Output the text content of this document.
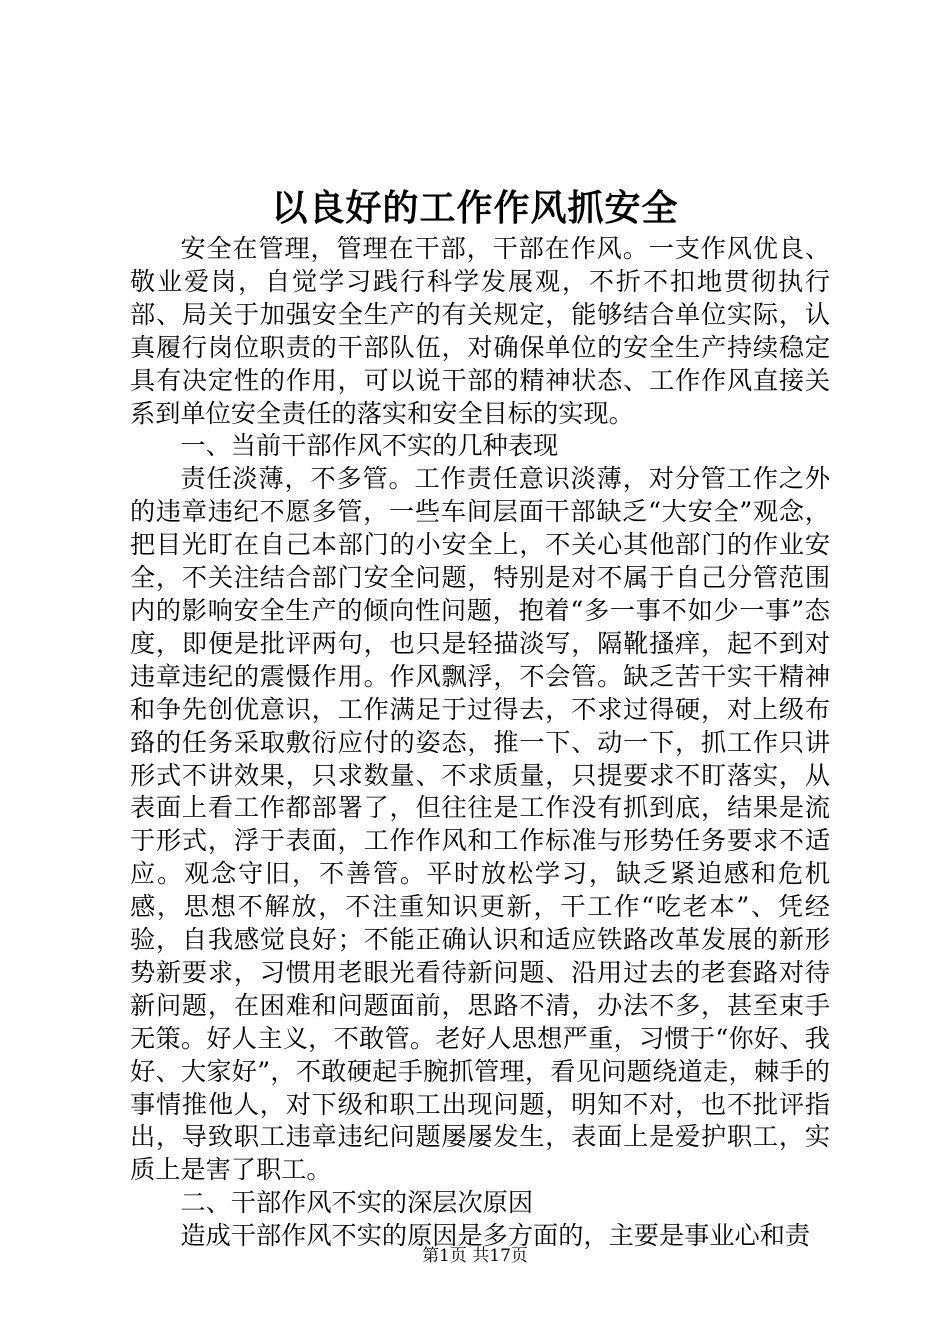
以良好的工作作风抓安全

安全在管理，管理在干部，干部在作风。一支作风优良、敬业爱岗，自觉学习践行科学发展观，不折不扣地贯彻执行部、局关于加强安全生产的有关规定，能够结合单位实际，认真履行岗位职责的干部队伍，对确保单位的安全生产持续稳定具有决定性的作用，可以说干部的精神状态、工作作风直接关系到单位安全责任的落实和安全目标的实现。

一、当前干部作风不实的几种表现

责任淡薄，不多管。工作责任意识淡薄，对分管工作之外的违章违纪不愿多管，一些车间层面干部缺乏“大安全”观念，把目光盯在自己本部门的小安全上，不关心其他部门的作业安全，不关注结合部门安全问题，特别是对不属于自己分管范围内的影响安全生产的倾向性问题，抱着“多一事不如少一事”态度，即便是批评两句，也只是轻描淡写，隔靴搔痒，起不到对违章违纪的震慑作用。作风飘浮，不会管。缺乏苦干实干精神和争先创优意识，工作满足于过得去，不求过得硬，对上级布臵的任务采取敷衍应付的姿态，推一下、动一下，抓工作只讲形式不讲效果，只求数量、不求质量，只提要求不盯落实，从表面上看工作都部署了，但往往是工作没有抓到底，结果是流于形式，浮于表面，工作作风和工作标准与形势任务要求不适应。观念守旧，不善管。平时放松学习，缺乏紧迫感和危机感，思想不解放，不注重知识更新，干工作“吃老本”、凭经验，自我感觉良好；不能正确认识和适应铁路改革发展的新形势新要求，习惯用老眼光看待新问题、沿用过去的老套路对待新问题，在困难和问题面前，思路不清，办法不多，甚至束手无策。好人主义，不敢管。老好人思想严重，习惯于“你好、我好、大家好”，不敢硬起手腕抓管理，看见问题绕道走，棘手的事情推他人，对下级和职工出现问题，明知不对，也不批评指出，导致职工违章违纪问题屡屡发生，表面上是爱护职工，实质上是害了职工。

二、干部作风不实的深层次原因

造成干部作风不实的原因是多方面的，主要是事业心和责

第1页 共17页
